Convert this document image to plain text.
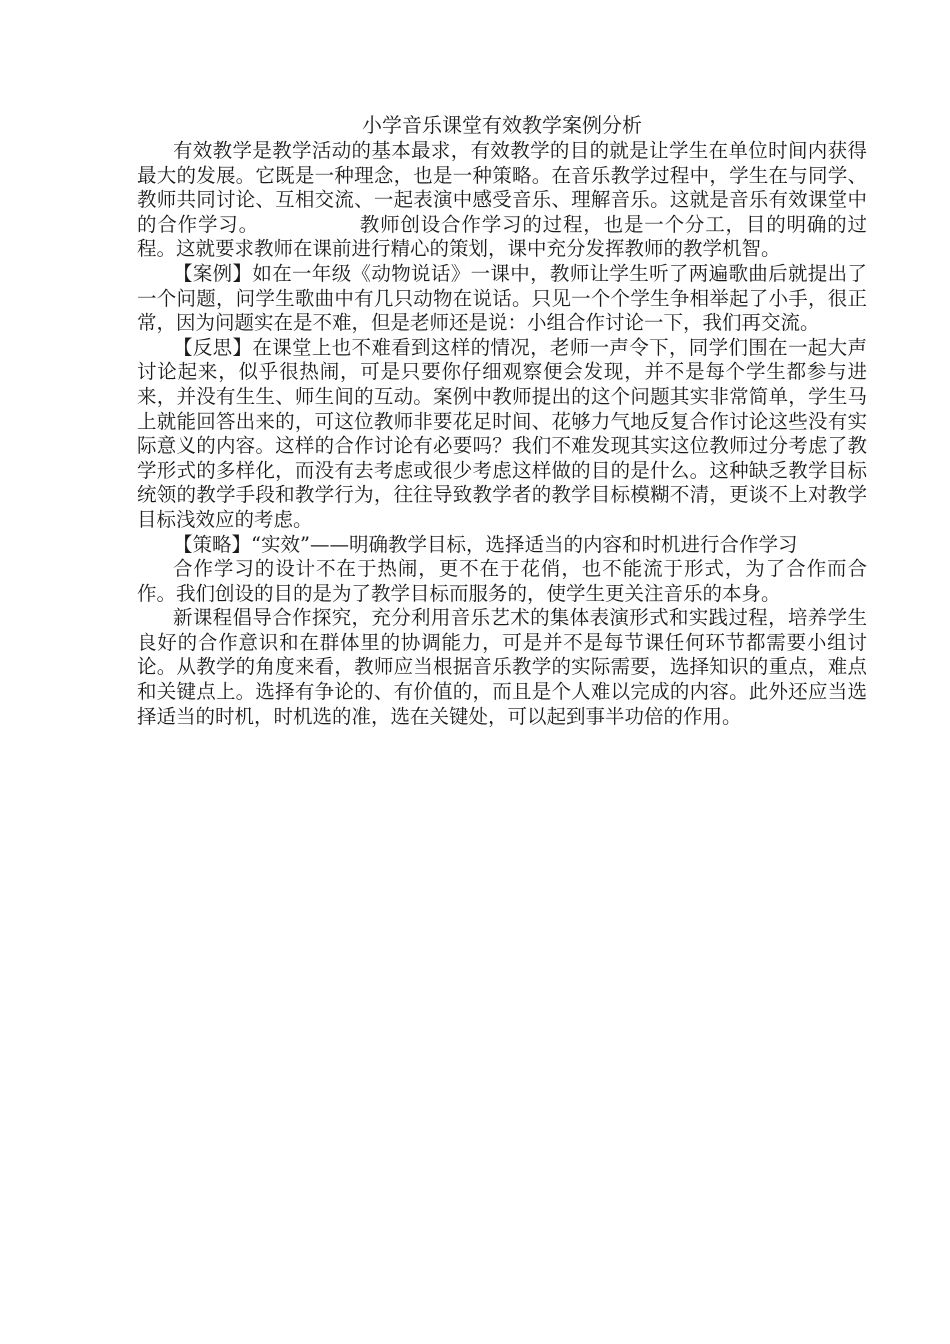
小学音乐课堂有效教学案例分析

有效教学是教学活动的基本最求，有效教学的目的就是让学生在单位时间内获得最大的发展。它既是一种理念，也是一种策略。在音乐教学过程中，学生在与同学、教师共同讨论、互相交流、一起表演中感受音乐、理解音乐。这就是音乐有效课堂中的合作学习。	教师创设合作学习的过程，也是一个分工，目的明确的过程。这就要求教师在课前进行精心的策划，课中充分发挥教师的教学机智。

【案例】如在一年级《动物说话》一课中，教师让学生听了两遍歌曲后就提出了一个问题，问学生歌曲中有几只动物在说话。只见一个个学生争相举起了小手，很正常，因为问题实在是不难，但是老师还是说：小组合作讨论一下，我们再交流。

【反思】在课堂上也不难看到这样的情况，老师一声令下，同学们围在一起大声讨论起来，似乎很热闹，可是只要你仔细观察便会发现，并不是每个学生都参与进来，并没有生生、师生间的互动。案例中教师提出的这个问题其实非常简单，学生马上就能回答出来的，可这位教师非要花足时间、花够力气地反复合作讨论这些没有实际意义的内容。这样的合作讨论有必要吗？我们不难发现其实这位教师过分考虑了教学形式的多样化，而没有去考虑或很少考虑这样做的目的是什么。这种缺乏教学目标统领的教学手段和教学行为，往往导致教学者的教学目标模糊不清，更谈不上对教学目标浅效应的考虑。

【策略】“实效”——明确教学目标，选择适当的内容和时机进行合作学习

合作学习的设计不在于热闹，更不在于花俏，也不能流于形式，为了合作而合作。我们创设的目的是为了教学目标而服务的，使学生更关注音乐的本身。

新课程倡导合作探究，充分利用音乐艺术的集体表演形式和实践过程，培养学生良好的合作意识和在群体里的协调能力，可是并不是每节课任何环节都需要小组讨论。从教学的角度来看，教师应当根据音乐教学的实际需要，选择知识的重点，难点和关键点上。选择有争论的、有价值的，而且是个人难以完成的内容。此外还应当选择适当的时机，时机选的准，选在关键处，可以起到事半功倍的作用。
